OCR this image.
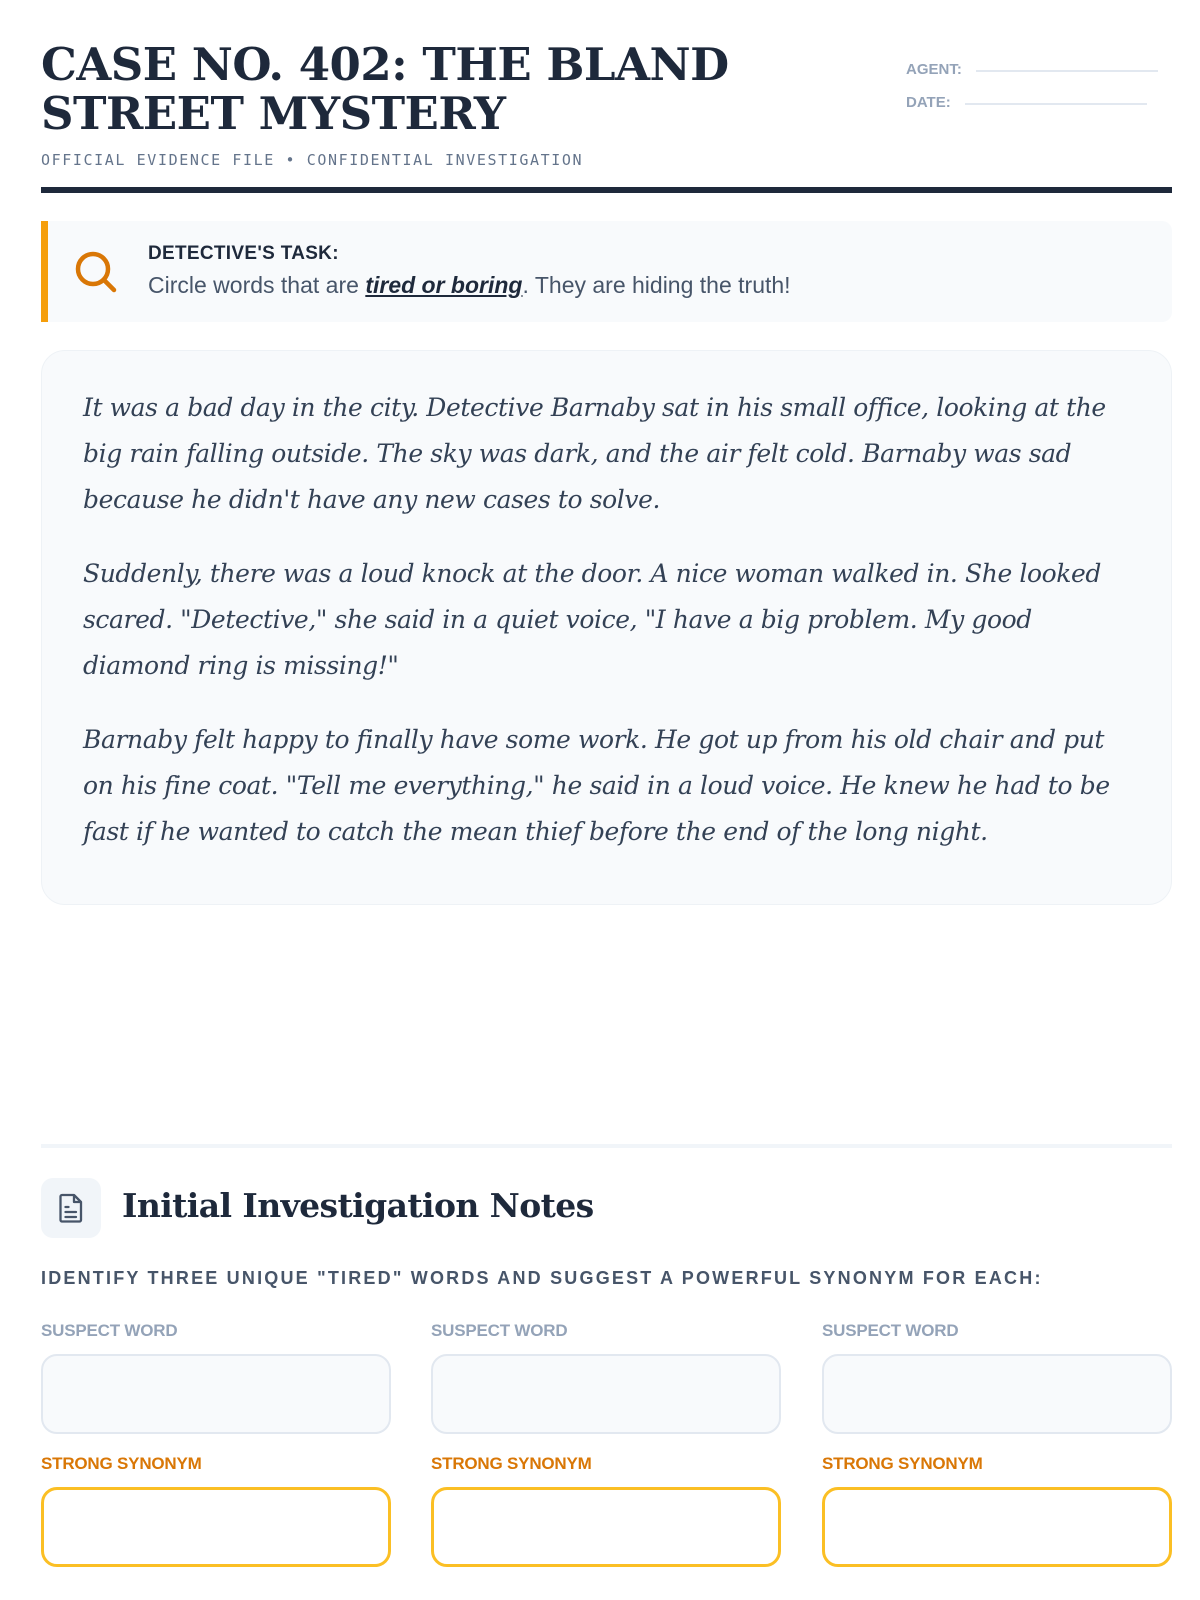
CASE NO. 402: THE BLAND
STREET MYSTERY
OFFICIAL EVIDENCE FILE • CONFIDENTIAL INVESTIGATION
AGENT:
DATE:
DETECTIVE'S TASK:
Circle words that are tired or boring. They are hiding the truth!

It was a bad day in the city. Detective Barnaby sat in his small office, looking at the big rain falling outside. The sky was dark, and the air felt cold. Barnaby was sad because he didn't have any new cases to solve.

Suddenly, there was a loud knock at the door. A nice woman walked in. She looked scared. "Detective," she said in a quiet voice, "I have a big problem. My good diamond ring is missing!"

Barnaby felt happy to finally have some work. He got up from his old chair and put on his fine coat. "Tell me everything," he said in a loud voice. He knew he had to be fast if he wanted to catch the mean thief before the end of the long night.

Initial Investigation Notes
IDENTIFY THREE UNIQUE "TIRED" WORDS AND SUGGEST A POWERFUL SYNONYM FOR EACH:
SUSPECT WORD
STRONG SYNONYM
SUSPECT WORD
STRONG SYNONYM
SUSPECT WORD
STRONG SYNONYM
